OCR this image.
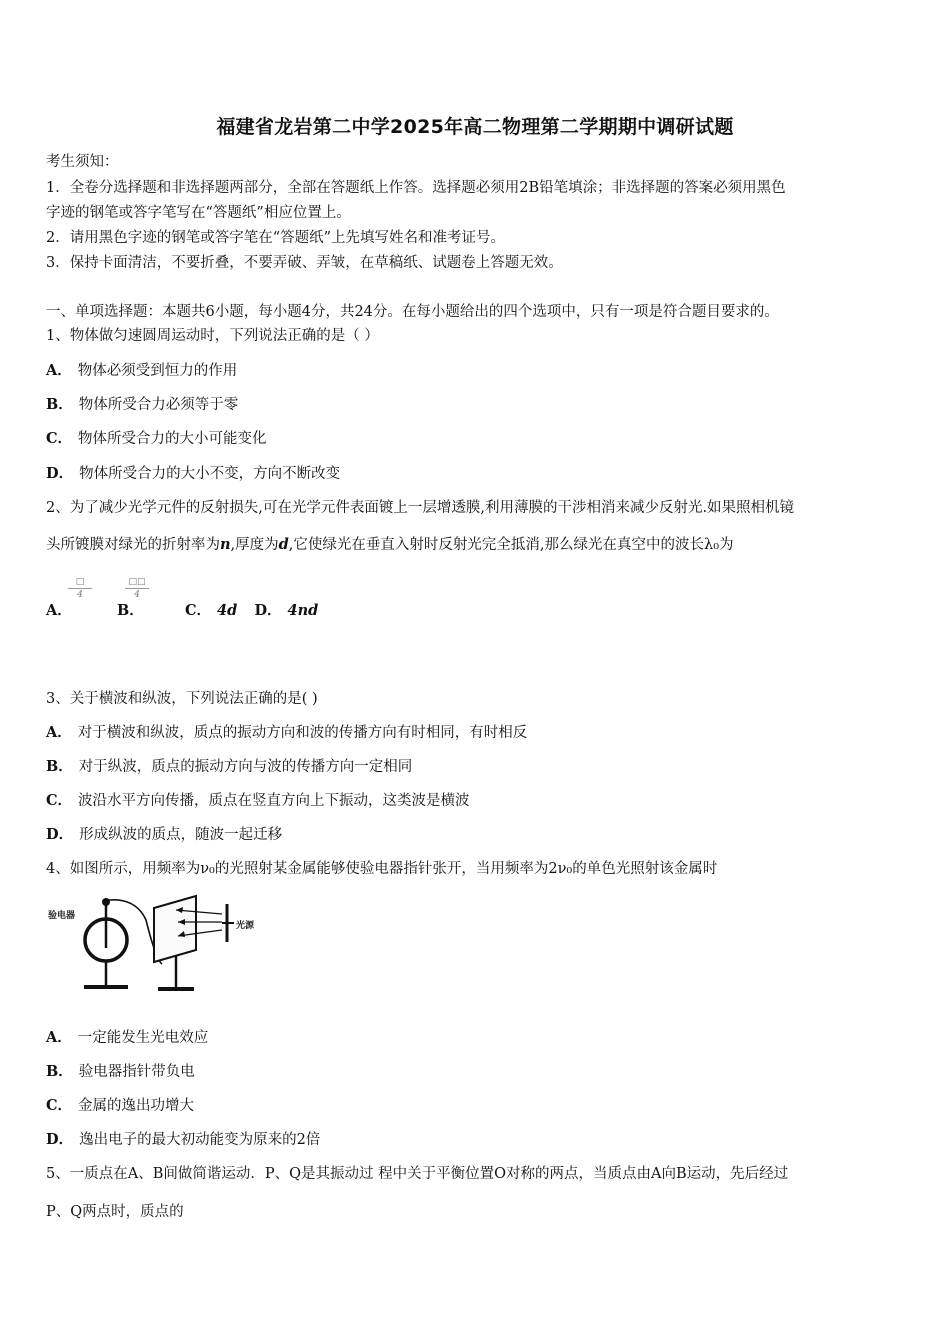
福建省龙岩第二中学2025年高二物理第二学期期中调研试题
考生须知：
1．全卷分选择题和非选择题两部分，全部在答题纸上作答。选择题必须用2B铅笔填涂；非选择题的答案必须用黑色
字迹的钢笔或答字笔写在“答题纸”相应位置上。
2．请用黑色字迹的钢笔或答字笔在“答题纸”上先填写姓名和准考证号。
3．保持卡面清洁，不要折叠，不要弄破、弄皱，在草稿纸、试题卷上答题无效。
一、单项选择题：本题共6小题，每小题4分，共24分。在每小题给出的四个选项中，只有一项是符合题目要求的。
1、物体做匀速圆周运动时，下列说法正确的是（ ）
A． 物体必须受到恒力的作用
B． 物体所受合力必须等于零
C． 物体所受合力的大小可能变化
D． 物体所受合力的大小不变，方向不断改变
2、为了减少光学元件的反射损失,可在光学元件表面镀上一层增透膜,利用薄膜的干涉相消来减少反射光.如果照相机镜
头所镀膜对绿光的折射率为n,厚度为d,它使绿光在垂直入射时反射光完全抵消,那么绿光在真空中的波长λ₀为
□
4
□□
4
A．	B．	C． 4d D． 4nd
3、关于横波和纵波，下列说法正确的是( )
A． 对于横波和纵波，质点的振动方向和波的传播方向有时相同，有时相反
B． 对于纵波，质点的振动方向与波的传播方向一定相同
C． 波沿水平方向传播，质点在竖直方向上下振动，这类波是横波
D． 形成纵波的质点，随波一起迁移
4、如图所示，用频率为ν₀的光照射某金属能够使验电器指针张开，当用频率为2ν₀的单色光照射该金属时
验电器
光源
A． 一定能发生光电效应
B． 验电器指针带负电
C． 金属的逸出功增大
D． 逸出电子的最大初动能变为原来的2倍
5、一质点在A、B间做简谐运动．P、Q是其振动过 程中关于平衡位置O对称的两点，当质点由A向B运动，先后经过
P、Q两点时，质点的
